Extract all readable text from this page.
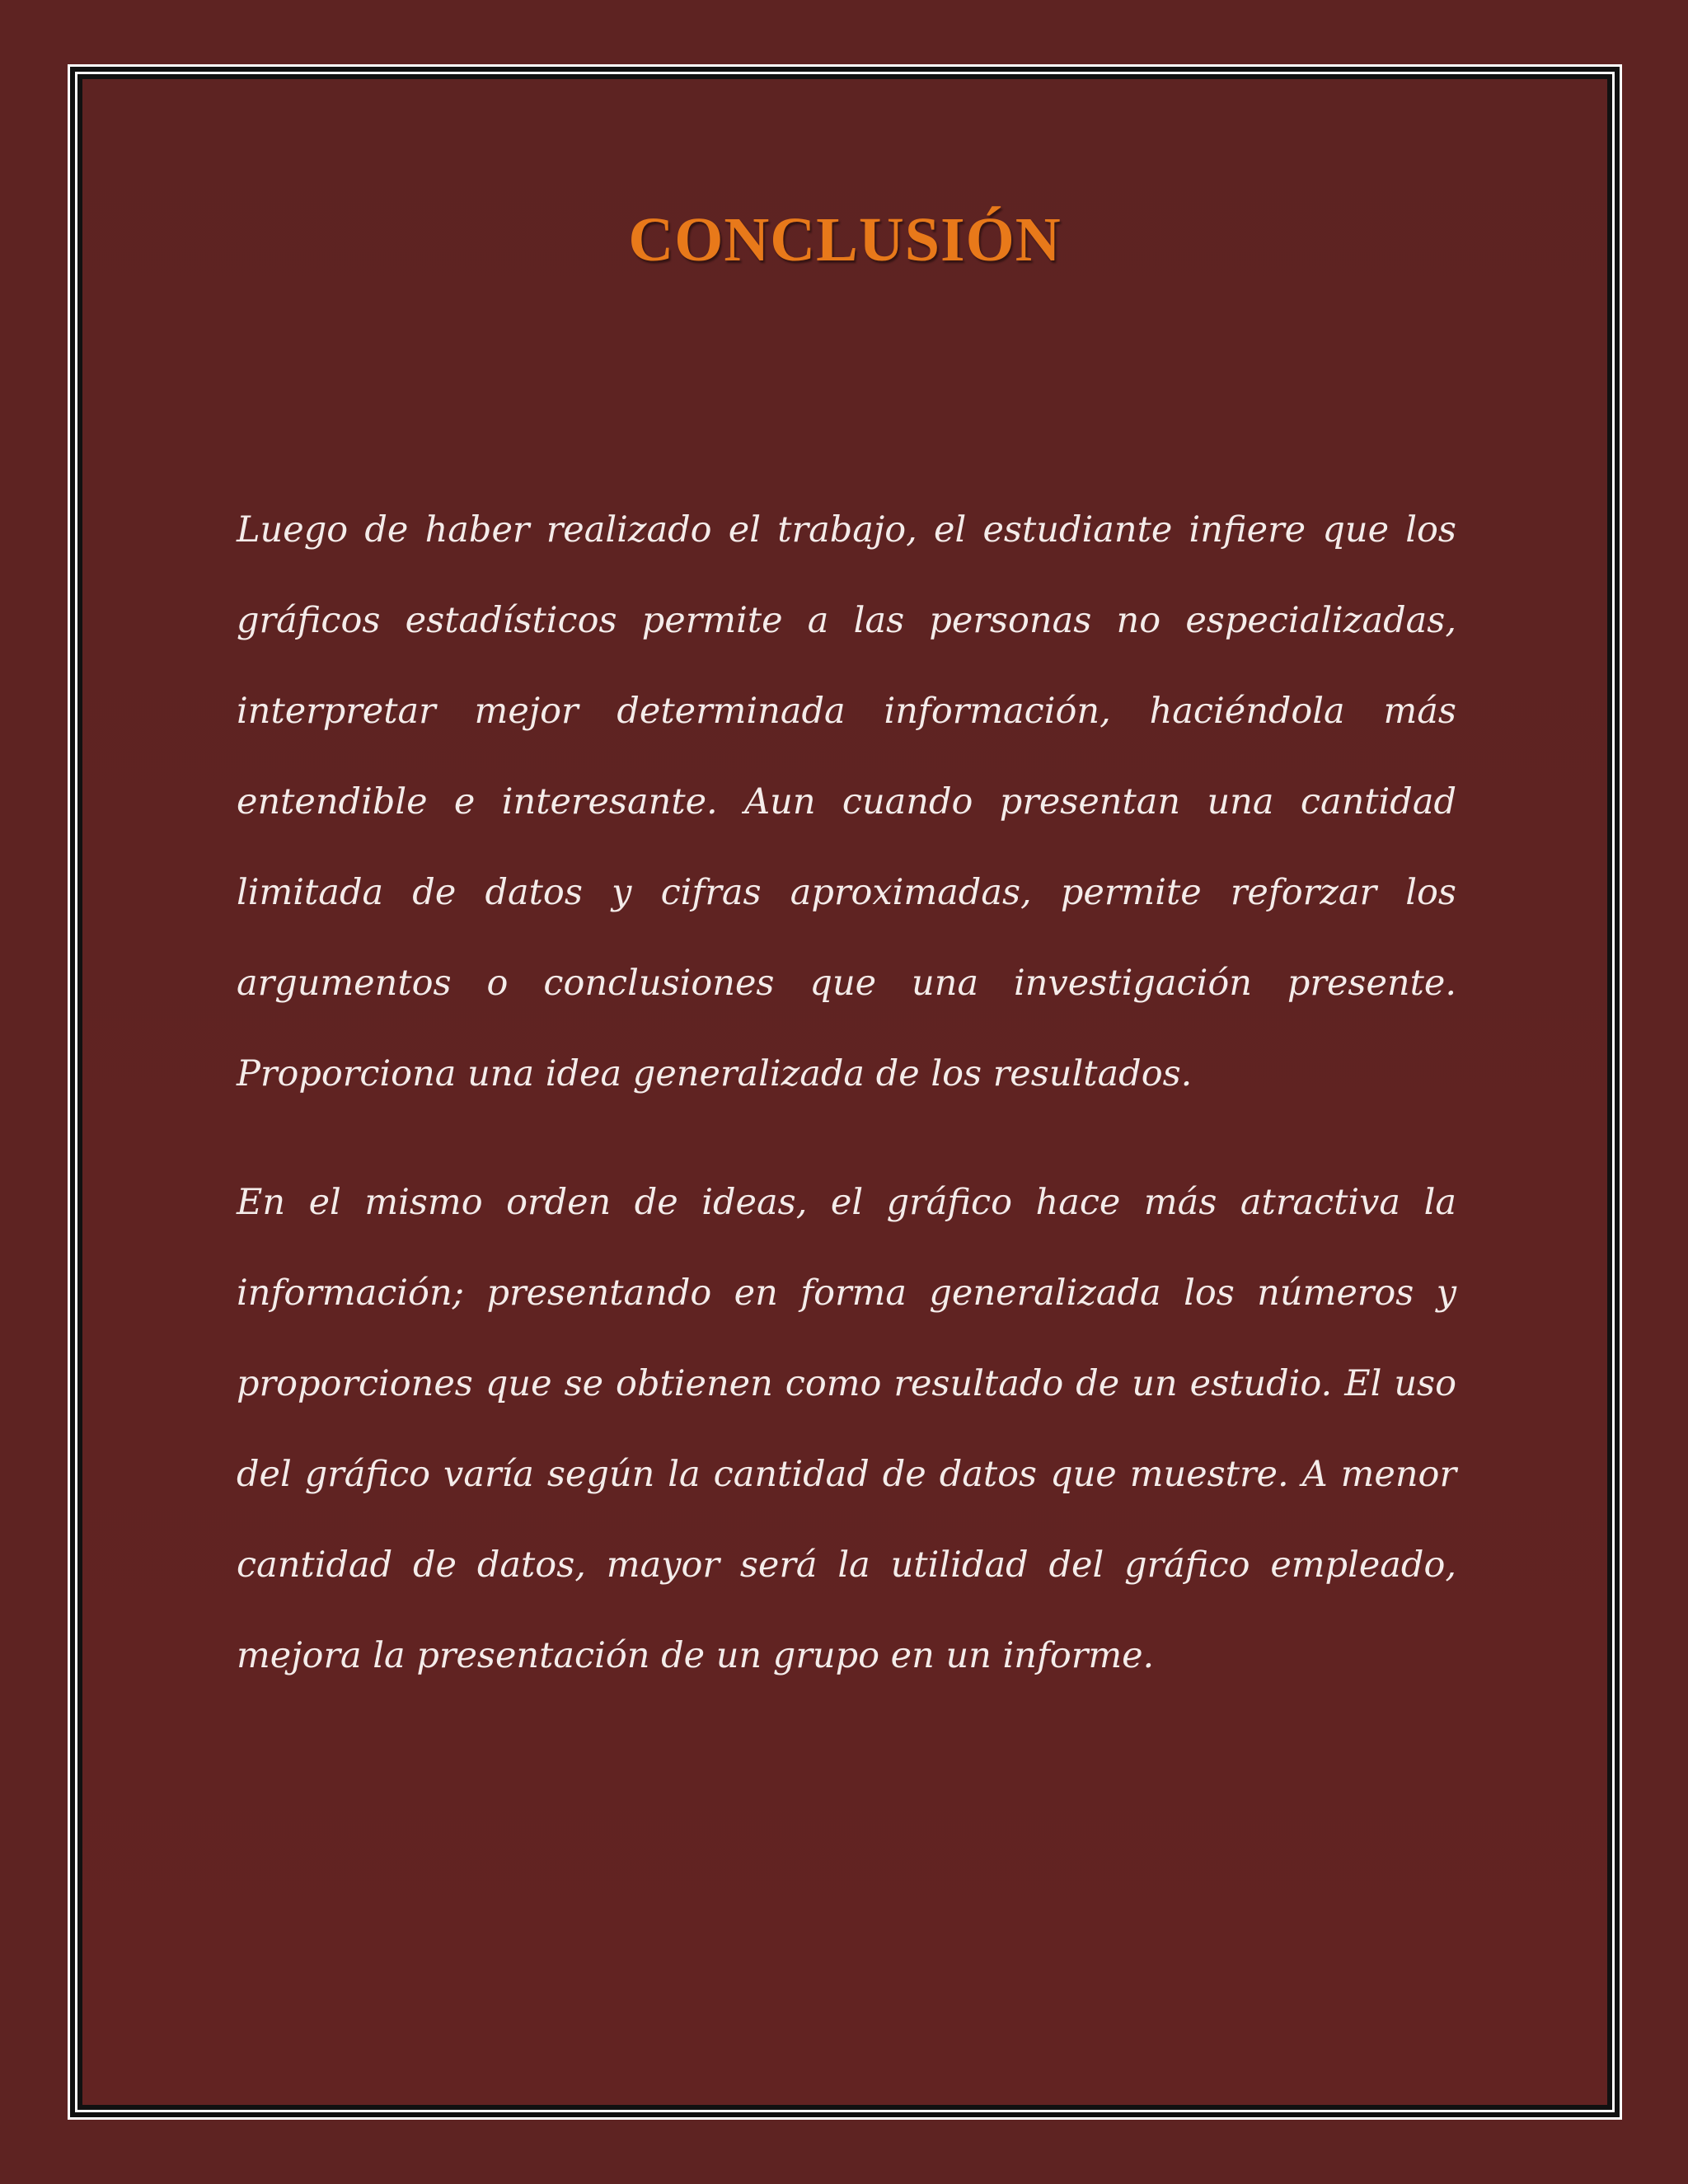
CONCLUSIÓN

Luego de haber realizado el trabajo, el estudiante infiere que los gráficos estadísticos permite a las personas no especializadas, interpretar mejor determinada información, haciéndola más entendible e interesante. Aun cuando presentan una cantidad limitada de datos y cifras aproximadas, permite reforzar los argumentos o conclusiones que una investigación presente. Proporciona una idea generalizada de los resultados.

En el mismo orden de ideas, el gráfico hace más atractiva la información; presentando en forma generalizada los números y proporciones que se obtienen como resultado de un estudio. El uso del gráfico varía según la cantidad de datos que muestre. A menor cantidad de datos, mayor será la utilidad del gráfico empleado, mejora la presentación de un grupo en un informe.
